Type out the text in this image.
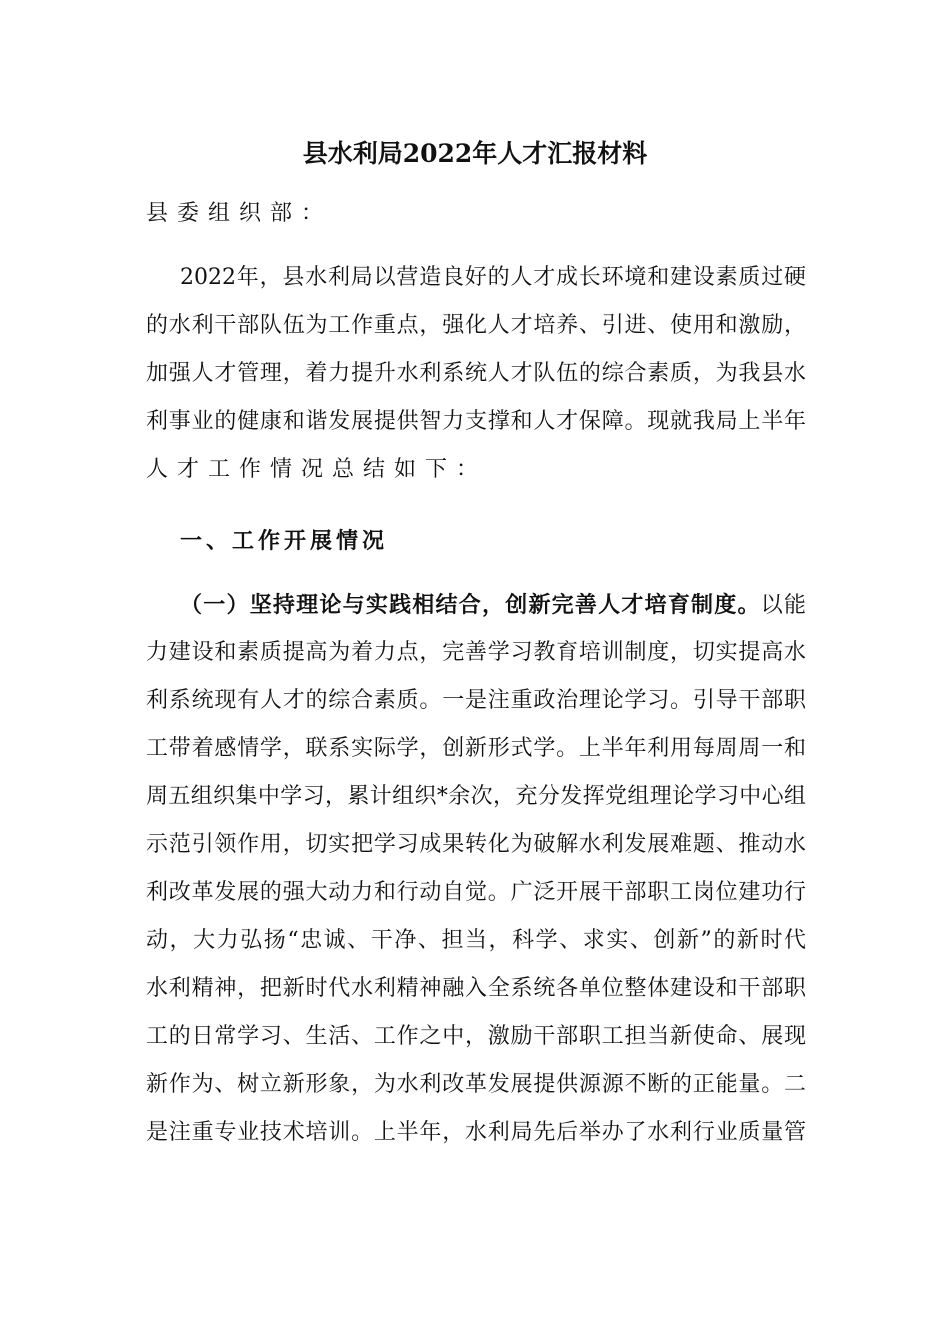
县水利局2022年人才汇报材料
县委组织部：
2022年，县水利局以营造良好的人才成长环境和建设素质过硬
的水利干部队伍为工作重点，强化人才培养、引进、使用和激励，
加强人才管理，着力提升水利系统人才队伍的综合素质，为我县水
利事业的健康和谐发展提供智力支撑和人才保障。现就我局上半年
人才工作情况总结如下：
一、工作开展情况
（一）坚持理论与实践相结合，创新完善人才培育制度。以能
力建设和素质提高为着力点，完善学习教育培训制度，切实提高水
利系统现有人才的综合素质。一是注重政治理论学习。引导干部职
工带着感情学，联系实际学，创新形式学。上半年利用每周周一和
周五组织集中学习，累计组织*余次，充分发挥党组理论学习中心组
示范引领作用，切实把学习成果转化为破解水利发展难题、推动水
利改革发展的强大动力和行动自觉。广泛开展干部职工岗位建功行
动，大力弘扬“忠诚、干净、担当，科学、求实、创新”的新时代
水利精神，把新时代水利精神融入全系统各单位整体建设和干部职
工的日常学习、生活、工作之中，激励干部职工担当新使命、展现
新作为、树立新形象，为水利改革发展提供源源不断的正能量。二
是注重专业技术培训。上半年，水利局先后举办了水利行业质量管
